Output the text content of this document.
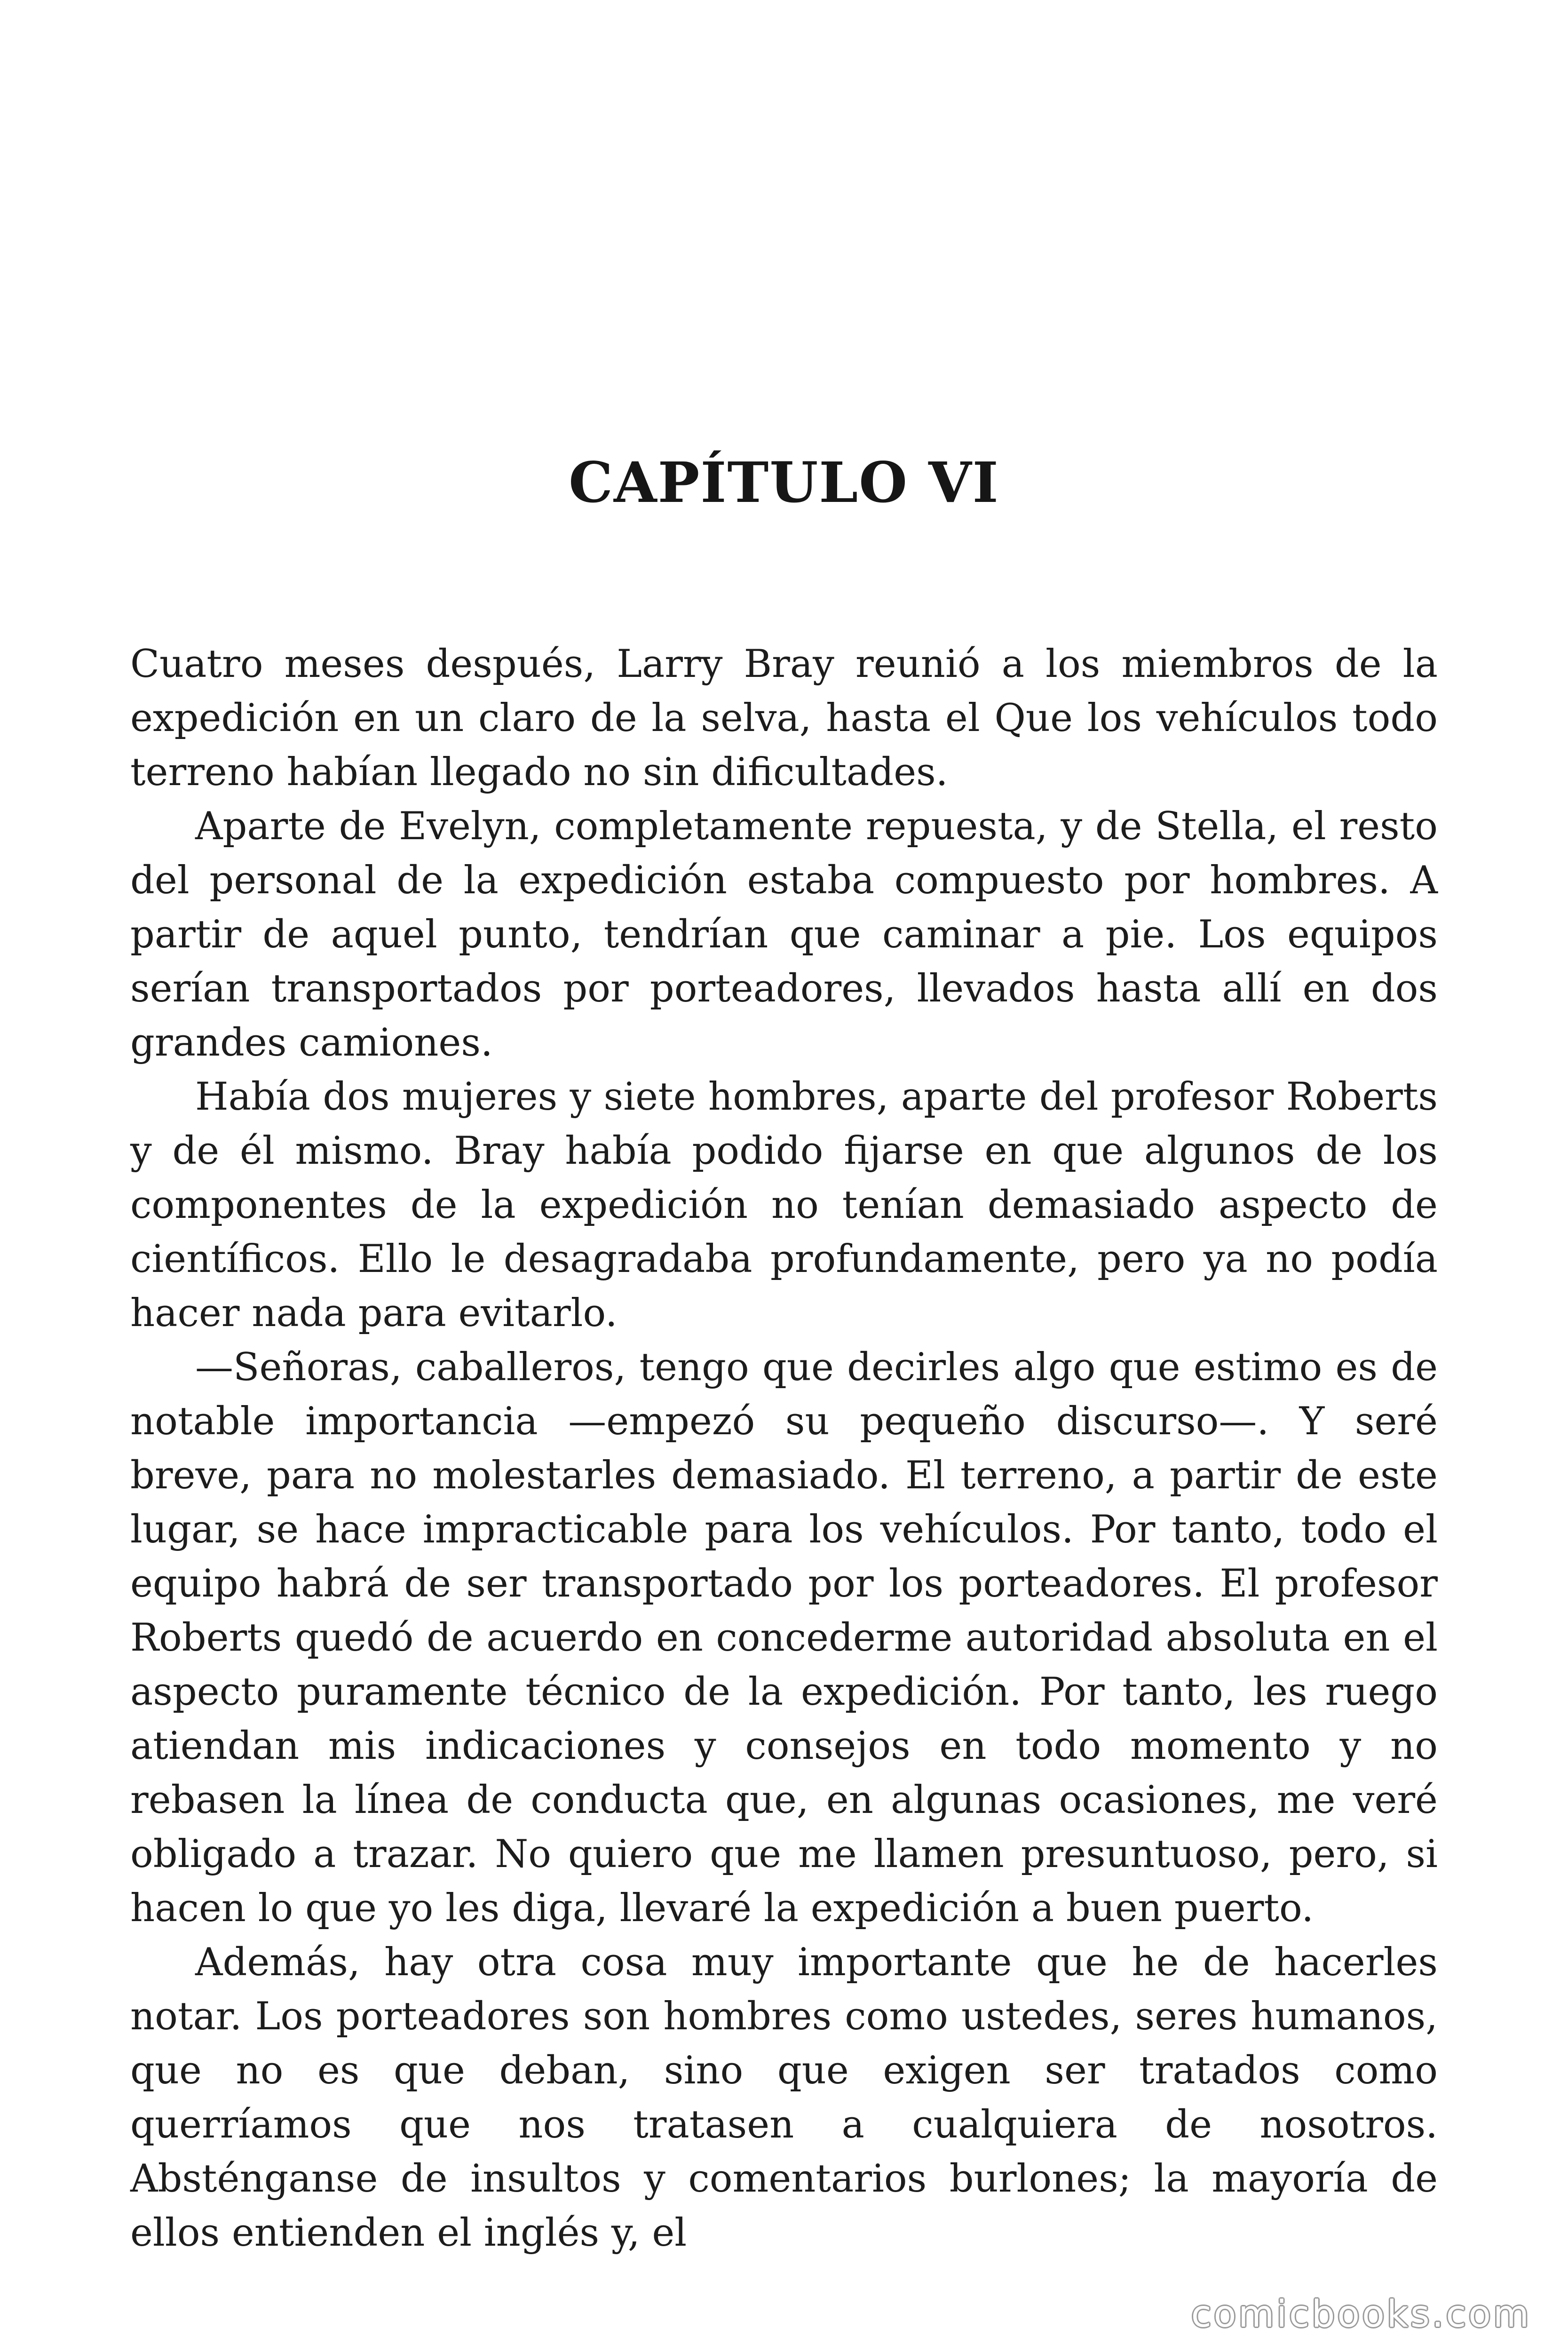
CAPÍTULO VI

Cuatro meses después, Larry Bray reunió a los miembros de la expedición en un claro de la selva, hasta el Que los vehículos todo terreno habían llegado no sin dificultades.

Aparte de Evelyn, completamente repuesta, y de Stella, el resto del personal de la expedición estaba compuesto por hombres. A partir de aquel punto, tendrían que caminar a pie. Los equipos serían transportados por porteadores, llevados hasta allí en dos grandes camiones.

Había dos mujeres y siete hombres, aparte del profesor Roberts y de él mismo. Bray había podido fijarse en que algunos de los componentes de la expedición no tenían demasiado aspecto de científicos. Ello le desagradaba profundamente, pero ya no podía hacer nada para evitarlo.

—Señoras, caballeros, tengo que decirles algo que estimo es de notable importancia —empezó su pequeño discurso—. Y seré breve, para no molestarles demasiado. El terreno, a partir de este lugar, se hace impracticable para los vehículos. Por tanto, todo el equipo habrá de ser transportado por los porteadores. El profesor Roberts quedó de acuerdo en concederme autoridad absoluta en el aspecto puramente técnico de la expedición. Por tanto, les ruego atiendan mis indicaciones y consejos en todo momento y no rebasen la línea de conducta que, en algunas ocasiones, me veré obligado a trazar. No quiero que me llamen presuntuoso, pero, si hacen lo que yo les diga, llevaré la expedición a buen puerto.

Además, hay otra cosa muy importante que he de hacerles notar. Los porteadores son hombres como ustedes, seres humanos, que no es que deban, sino que exigen ser tratados como querríamos que nos tratasen a cualquiera de nosotros. Absténganse de insultos y comentarios burlones; la mayoría de ellos entienden el inglés y, el

comicbooks.com
